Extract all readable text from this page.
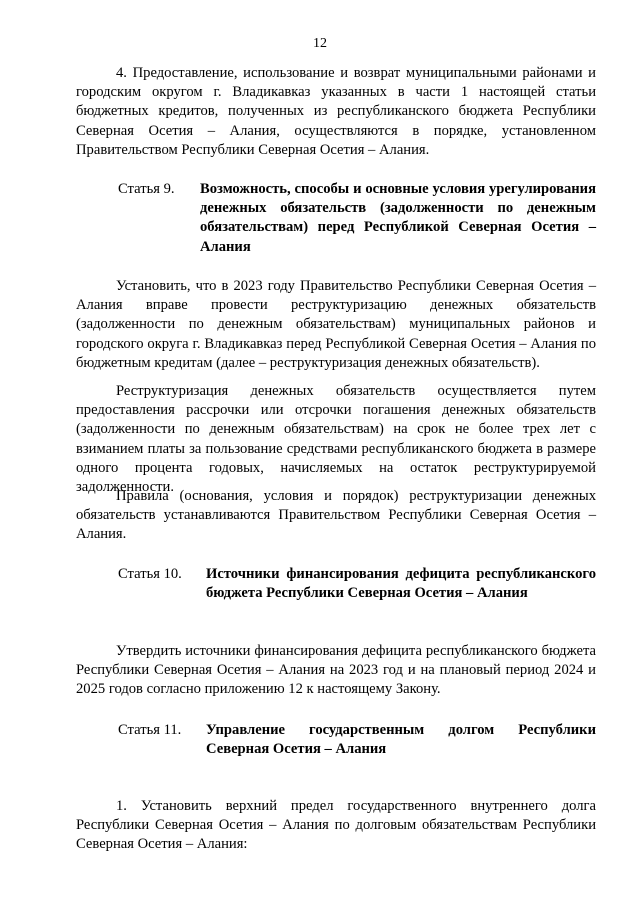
12

4. Предоставление, использование и возврат муниципальными районами и городским округом г. Владикавказ указанных в части 1 настоящей статьи бюджетных кредитов, полученных из республиканского бюджета Республики Северная Осетия – Алания, осуществляются в порядке, установленном Правительством Республики Северная Осетия – Алания.

Статья 9. Возможность, способы и основные условия урегулирования денежных обязательств (задолженности по денежным обязательствам) перед Республикой Северная Осетия – Алания

Установить, что в 2023 году Правительство Республики Северная Осетия – Алания вправе провести реструктуризацию денежных обязательств (задолженности по денежным обязательствам) муниципальных районов и городского округа г. Владикавказ перед Республикой Северная Осетия – Алания по бюджетным кредитам (далее – реструктуризация денежных обязательств).

Реструктуризация денежных обязательств осуществляется путем предоставления рассрочки или отсрочки погашения денежных обязательств (задолженности по денежным обязательствам) на срок не более трех лет с взиманием платы за пользование средствами республиканского бюджета в размере одного процента годовых, начисляемых на остаток реструктурируемой задолженности.

Правила (основания, условия и порядок) реструктуризации денежных обязательств устанавливаются Правительством Республики Северная Осетия – Алания.

Статья 10. Источники финансирования дефицита республиканского бюджета Республики Северная Осетия – Алания

Утвердить источники финансирования дефицита республиканского бюджета Республики Северная Осетия – Алания на 2023 год и на плановый период 2024 и 2025 годов согласно приложению 12 к настоящему Закону.

Статья 11. Управление государственным долгом Республики Северная Осетия – Алания

1. Установить верхний предел государственного внутреннего долга Республики Северная Осетия – Алания по долговым обязательствам Республики Северная Осетия – Алания:
